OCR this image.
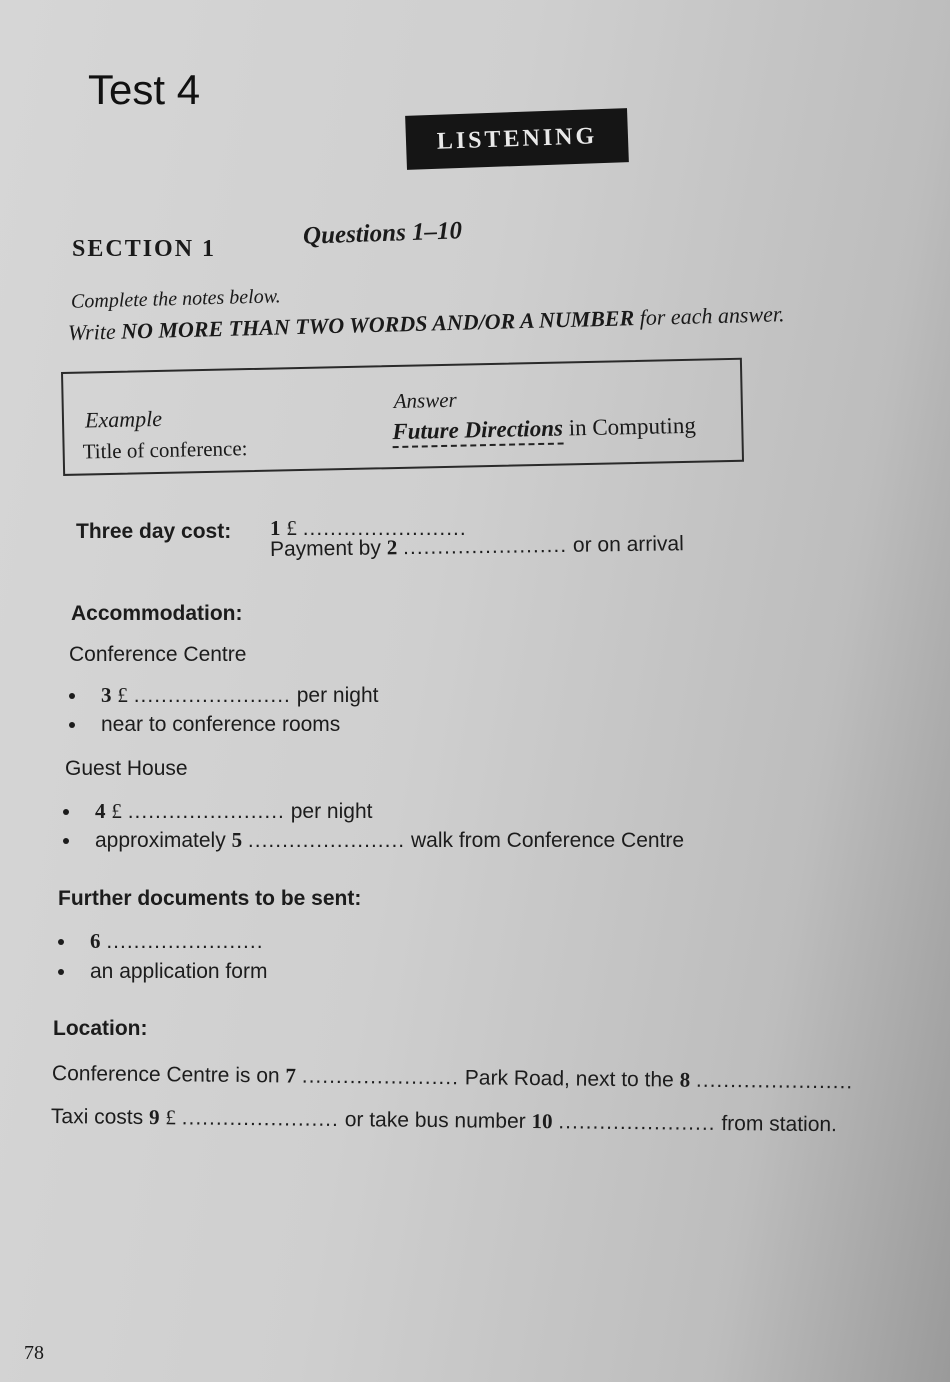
Test 4
LISTENING
SECTION 1	Questions 1–10
Complete the notes below.
Write NO MORE THAN TWO WORDS AND/OR A NUMBER for each answer.
Example
Title of conference:
Answer
Future Directions in Computing
Three day cost: 1 £ ........................
Payment by 2 ........................ or on arrival
Accommodation:
Conference Centre
3 £ ....................... per night
near to conference rooms
Guest House
4 £ ....................... per night
approximately 5 ....................... walk from Conference Centre
Further documents to be sent:
6 .......................
an application form
Location:
Conference Centre is on 7 ....................... Park Road, next to the 8 .......................
Taxi costs 9 £ ....................... or take bus number 10 ....................... from station.
78
